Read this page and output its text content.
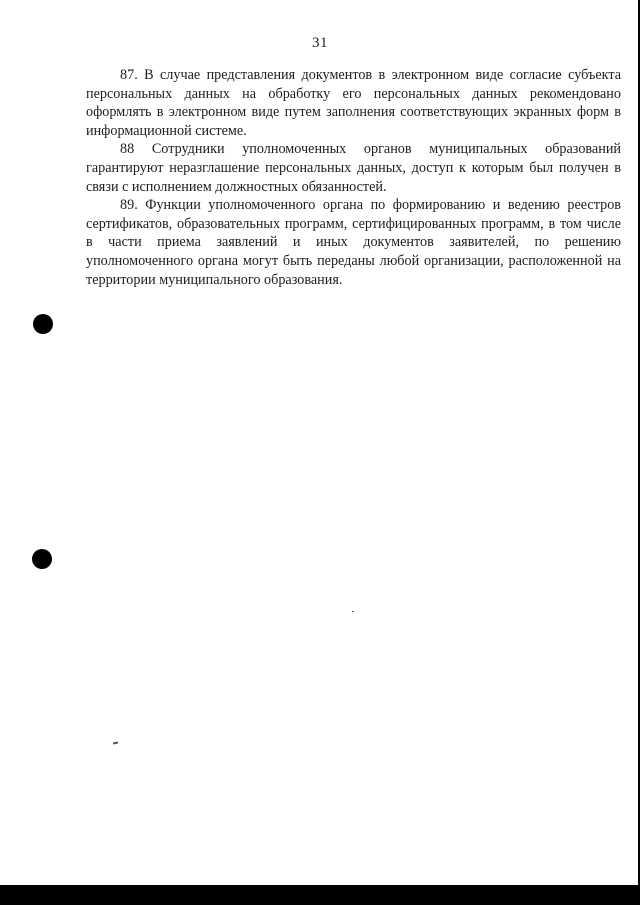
31

87. В случае представления документов в электронном виде согласие субъекта персональных данных на обработку его персональных данных рекомендовано оформлять в электронном виде путем заполнения соответствующих экранных форм в информационной системе.

88 Сотрудники уполномоченных органов муниципальных образований гарантируют неразглашение персональных данных, доступ к которым был получен в связи с исполнением должностных обязанностей.

89. Функции уполномоченного органа по формированию и ведению реестров сертификатов, образовательных программ, сертифицированных программ, в том числе в части приема заявлений и иных документов заявителей, по решению уполномоченного органа могут быть переданы любой организации, расположенной на территории муниципального образования.
